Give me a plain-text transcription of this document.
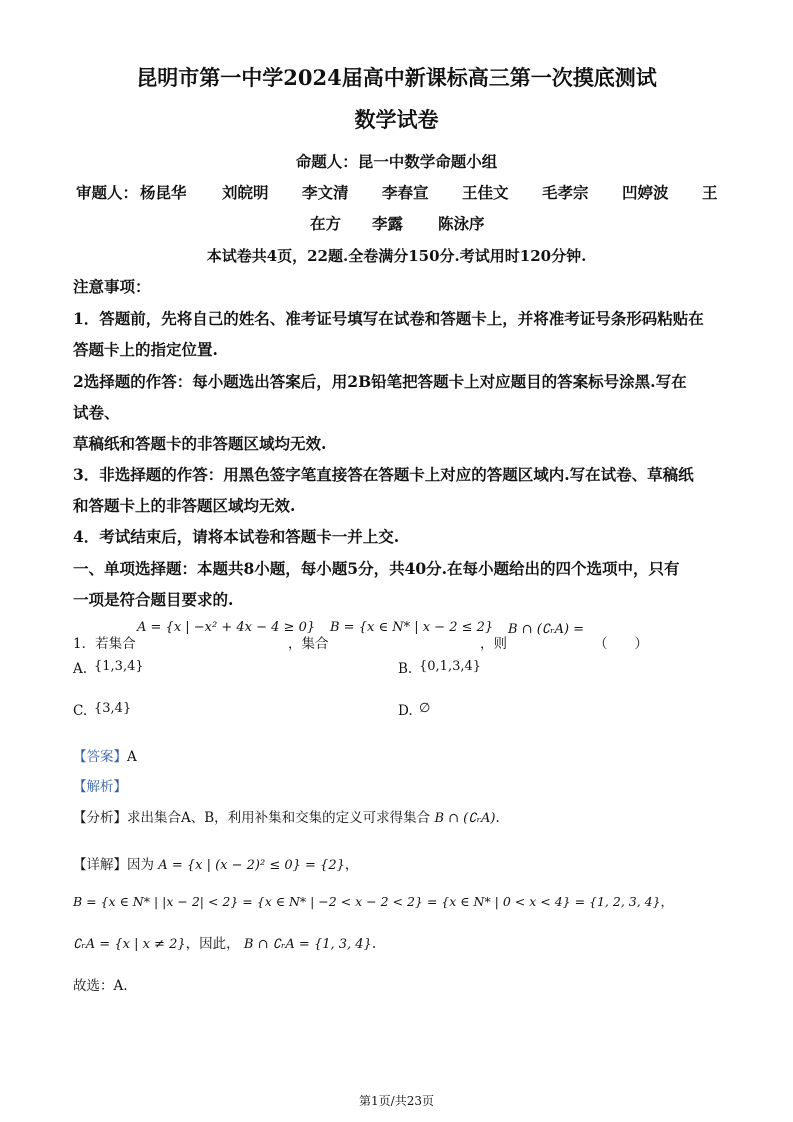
昆明市第一中学2024届高中新课标高三第一次摸底测试
数学试卷
命题人：昆一中数学命题小组
审题人： 杨昆华 刘皖明 李文清 李春宣 王佳文 毛孝宗 凹婷波 王
在方 李露 陈泳序
本试卷共4页，22题.全卷满分150分.考试用时120分钟.
注意事项：
1．答题前，先将自己的姓名、准考证号填写在试卷和答题卡上，并将准考证号条形码粘贴在
答题卡上的指定位置.
2选择题的作答：每小题选出答案后，用2B铅笔把答题卡上对应题目的答案标号涂黑.写在
试卷、
草稿纸和答题卡的非答题区域均无效.
3．非选择题的作答：用黑色签字笔直接答在答题卡上对应的答题区域内.写在试卷、草稿纸
和答题卡上的非答题区域均无效.
4．考试结束后，请将本试卷和答题卡一并上交.
一、单项选择题：本题共8小题，每小题5分，共40分.在每小题给出的四个选项中，只有
一项是符合题目要求的.
1．若集合
A = {x | −x² + 4x − 4 ≥ 0}
，集合
B = {x ∈ N* | x − 2 ≤ 2}
，则
B ∩ (∁ᵣA) =
（　　）
A. {1,3,4}	B. {0,1,3,4}
C. {3,4}	D. ∅
【答案】A
【解析】
【分析】求出集合A、B，利用补集和交集的定义可求得集合 B ∩ (∁ᵣA).
【详解】因为 A = {x | (x − 2)² ≤ 0} = {2}，
B = {x ∈ N* | |x − 2| < 2} = {x ∈ N* | −2 < x − 2 < 2} = {x ∈ N* | 0 < x < 4} = {1, 2, 3, 4}，
∁ᵣA = {x | x ≠ 2}，因此， B ∩ ∁ᵣA = {1, 3, 4}.
故选：A.
第1页/共23页
